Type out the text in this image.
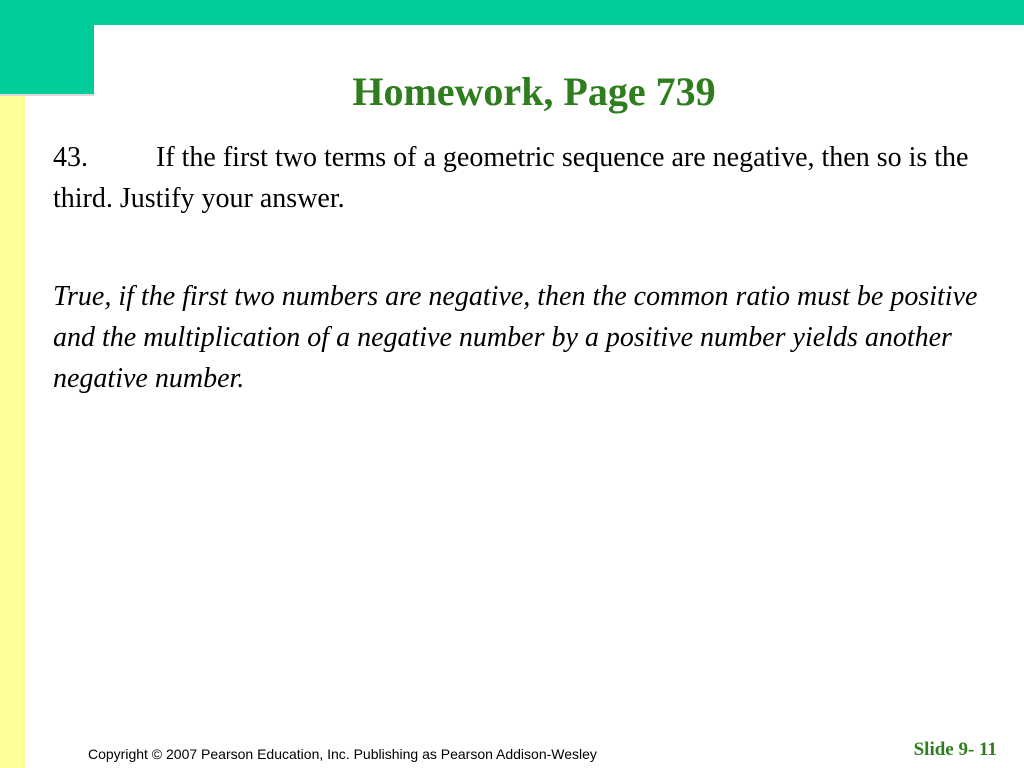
Homework, Page 739
43. If the first two terms of a geometric sequence are negative, then so is the third. Justify your answer.
True, if the first two numbers are negative, then the common ratio must be positive and the multiplication of a negative number by a positive number yields another negative number.
Copyright © 2007 Pearson Education, Inc. Publishing as Pearson Addison-Wesley	Slide 9- 11
